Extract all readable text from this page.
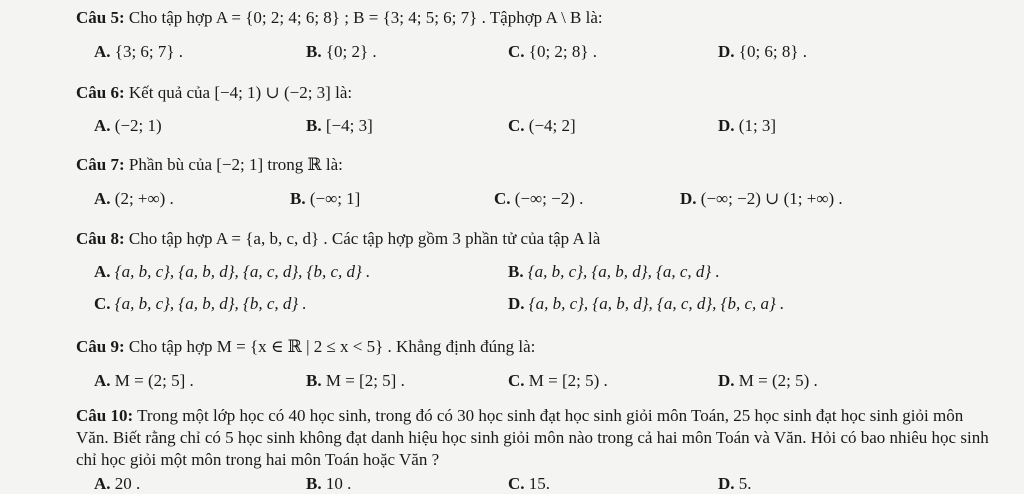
Câu 5: Cho tập hợp A = {0; 2; 4; 6; 8} ; B = {3; 4; 5; 6; 7} . Tậphợp A \ B là:
A. {3; 6; 7} .	B. {0; 2} .	C. {0; 2; 8} .	D. {0; 6; 8} .
Câu 6: Kết quả của [−4; 1) ∪ (−2; 3] là:
A. (−2; 1)	B. [−4; 3]	C. (−4; 2]	D. (1; 3]
Câu 7: Phần bù của [−2; 1] trong ℝ là:
A. (2; +∞) .	B. (−∞; 1]	C. (−∞; −2) .	D. (−∞; −2) ∪ (1; +∞) .
Câu 8: Cho tập hợp A = {a, b, c, d} . Các tập hợp gồm 3 phần tử của tập A là
A. {a, b, c}, {a, b, d}, {a, c, d}, {b, c, d} .	B. {a, b, c}, {a, b, d}, {a, c, d} .
C. {a, b, c}, {a, b, d}, {b, c, d} .	D. {a, b, c}, {a, b, d}, {a, c, d}, {b, c, a} .
Câu 9: Cho tập hợp M = {x ∈ ℝ | 2 ≤ x < 5} . Khẳng định đúng là:
A. M = (2; 5] .	B. M = [2; 5] .	C. M = [2; 5) .	D. M = (2; 5) .
Câu 10: Trong một lớp học có 40 học sinh, trong đó có 30 học sinh đạt học sinh giỏi môn Toán, 25 học sinh đạt học sinh giỏi môn Văn. Biết rằng chỉ có 5 học sinh không đạt danh hiệu học sinh giỏi môn nào trong cả hai môn Toán và Văn. Hỏi có bao nhiêu học sinh chỉ học giỏi một môn trong hai môn Toán hoặc Văn ?
A. 20 .	B. 10 .	C. 15.	D. 5.
